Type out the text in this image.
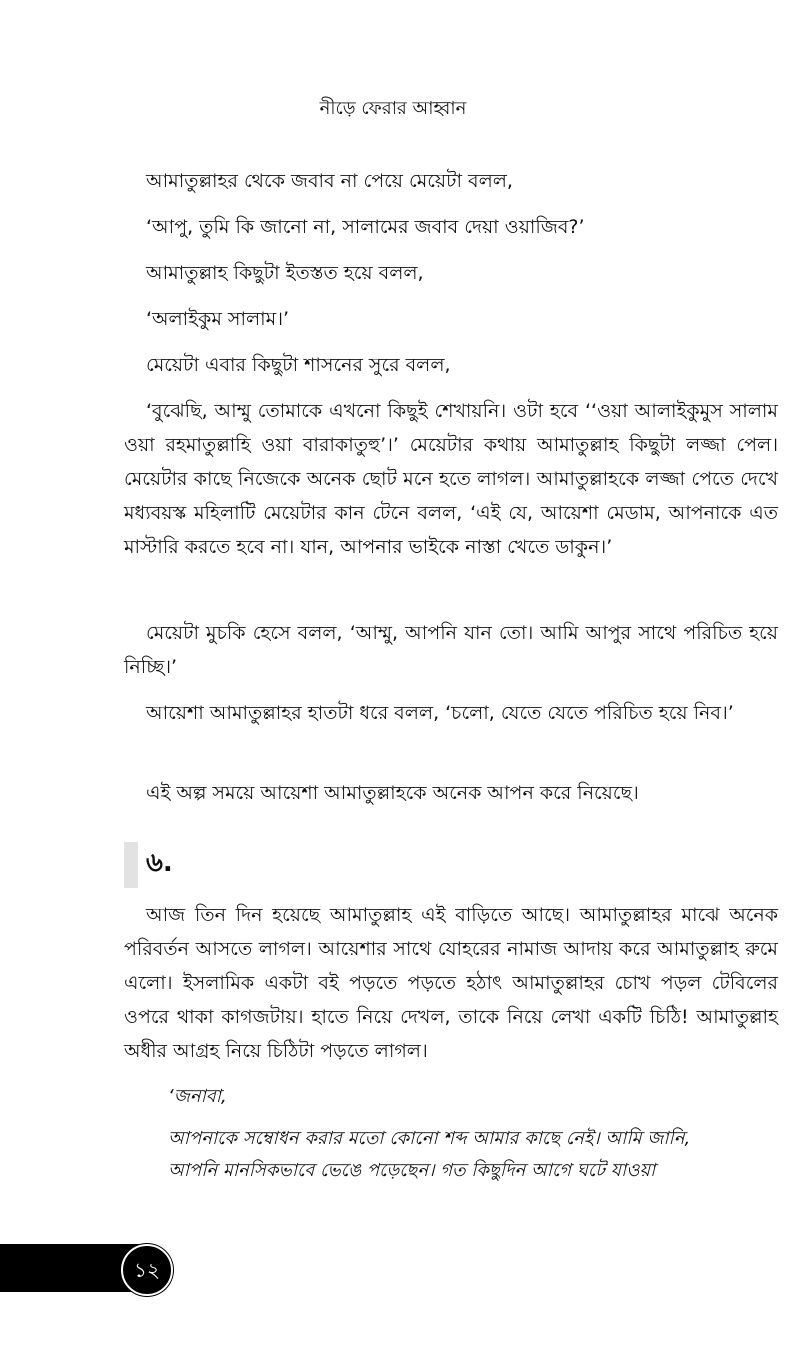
নীড়ে ফেরার আহ্বান
আমাতুল্লাহর থেকে জবাব না পেয়ে মেয়েটা বলল,
‘আপু, তুমি কি জানো না, সালামের জবাব দেয়া ওয়াজিব?’
আমাতুল্লাহ কিছুটা ইতস্তত হয়ে বলল,
‘অলাইকুম সালাম।’
মেয়েটা এবার কিছুটা শাসনের সুরে বলল,

‘বুঝেছি, আম্মু তোমাকে এখনো কিছুই শেখায়নি। ওটা হবে ‘‘ওয়া আলাইকুমুস সালাম ওয়া রহমাতুল্লাহি ওয়া বারাকাতুহু’।’ মেয়েটার কথায় আমাতুল্লাহ কিছুটা লজ্জা পেল। মেয়েটার কাছে নিজেকে অনেক ছোট মনে হতে লাগল। আমাতুল্লাহকে লজ্জা পেতে দেখে মধ্যবয়স্ক মহিলাটি মেয়েটার কান টেনে বলল, ‘এই যে, আয়েশা মেডাম, আপনাকে এত মাস্টারি করতে হবে না। যান, আপনার ভাইকে নাস্তা খেতে ডাকুন।’

মেয়েটা মুচকি হেসে বলল, ‘আম্মু, আপনি যান তো। আমি আপুর সাথে পরিচিত হয়ে নিচ্ছি।’

আয়েশা আমাতুল্লাহর হাতটা ধরে বলল, ‘চলো, যেতে যেতে পরিচিত হয়ে নিব।’

এই অল্প সময়ে আয়েশা আমাতুল্লাহকে অনেক আপন করে নিয়েছে।
৬.

আজ তিন দিন হয়েছে আমাতুল্লাহ এই বাড়িতে আছে। আমাতুল্লাহর মাঝে অনেক পরিবর্তন আসতে লাগল। আয়েশার সাথে যোহরের নামাজ আদায় করে আমাতুল্লাহ রুমে এলো। ইসলামিক একটা বই পড়তে পড়তে হঠাৎ আমাতুল্লাহর চোখ পড়ল টেবিলের ওপরে থাকা কাগজটায়। হাতে নিয়ে দেখল, তাকে নিয়ে লেখা একটি চিঠি! আমাতুল্লাহ অধীর আগ্রহ নিয়ে চিঠিটা পড়তে লাগল।

‘জনাবা,
আপনাকে সম্বোধন করার মতো কোনো শব্দ আমার কাছে নেই। আমি জানি,
আপনি মানসিকভাবে ভেঙে পড়েছেন। গত কিছুদিন আগে ঘটে যাওয়া
১২
